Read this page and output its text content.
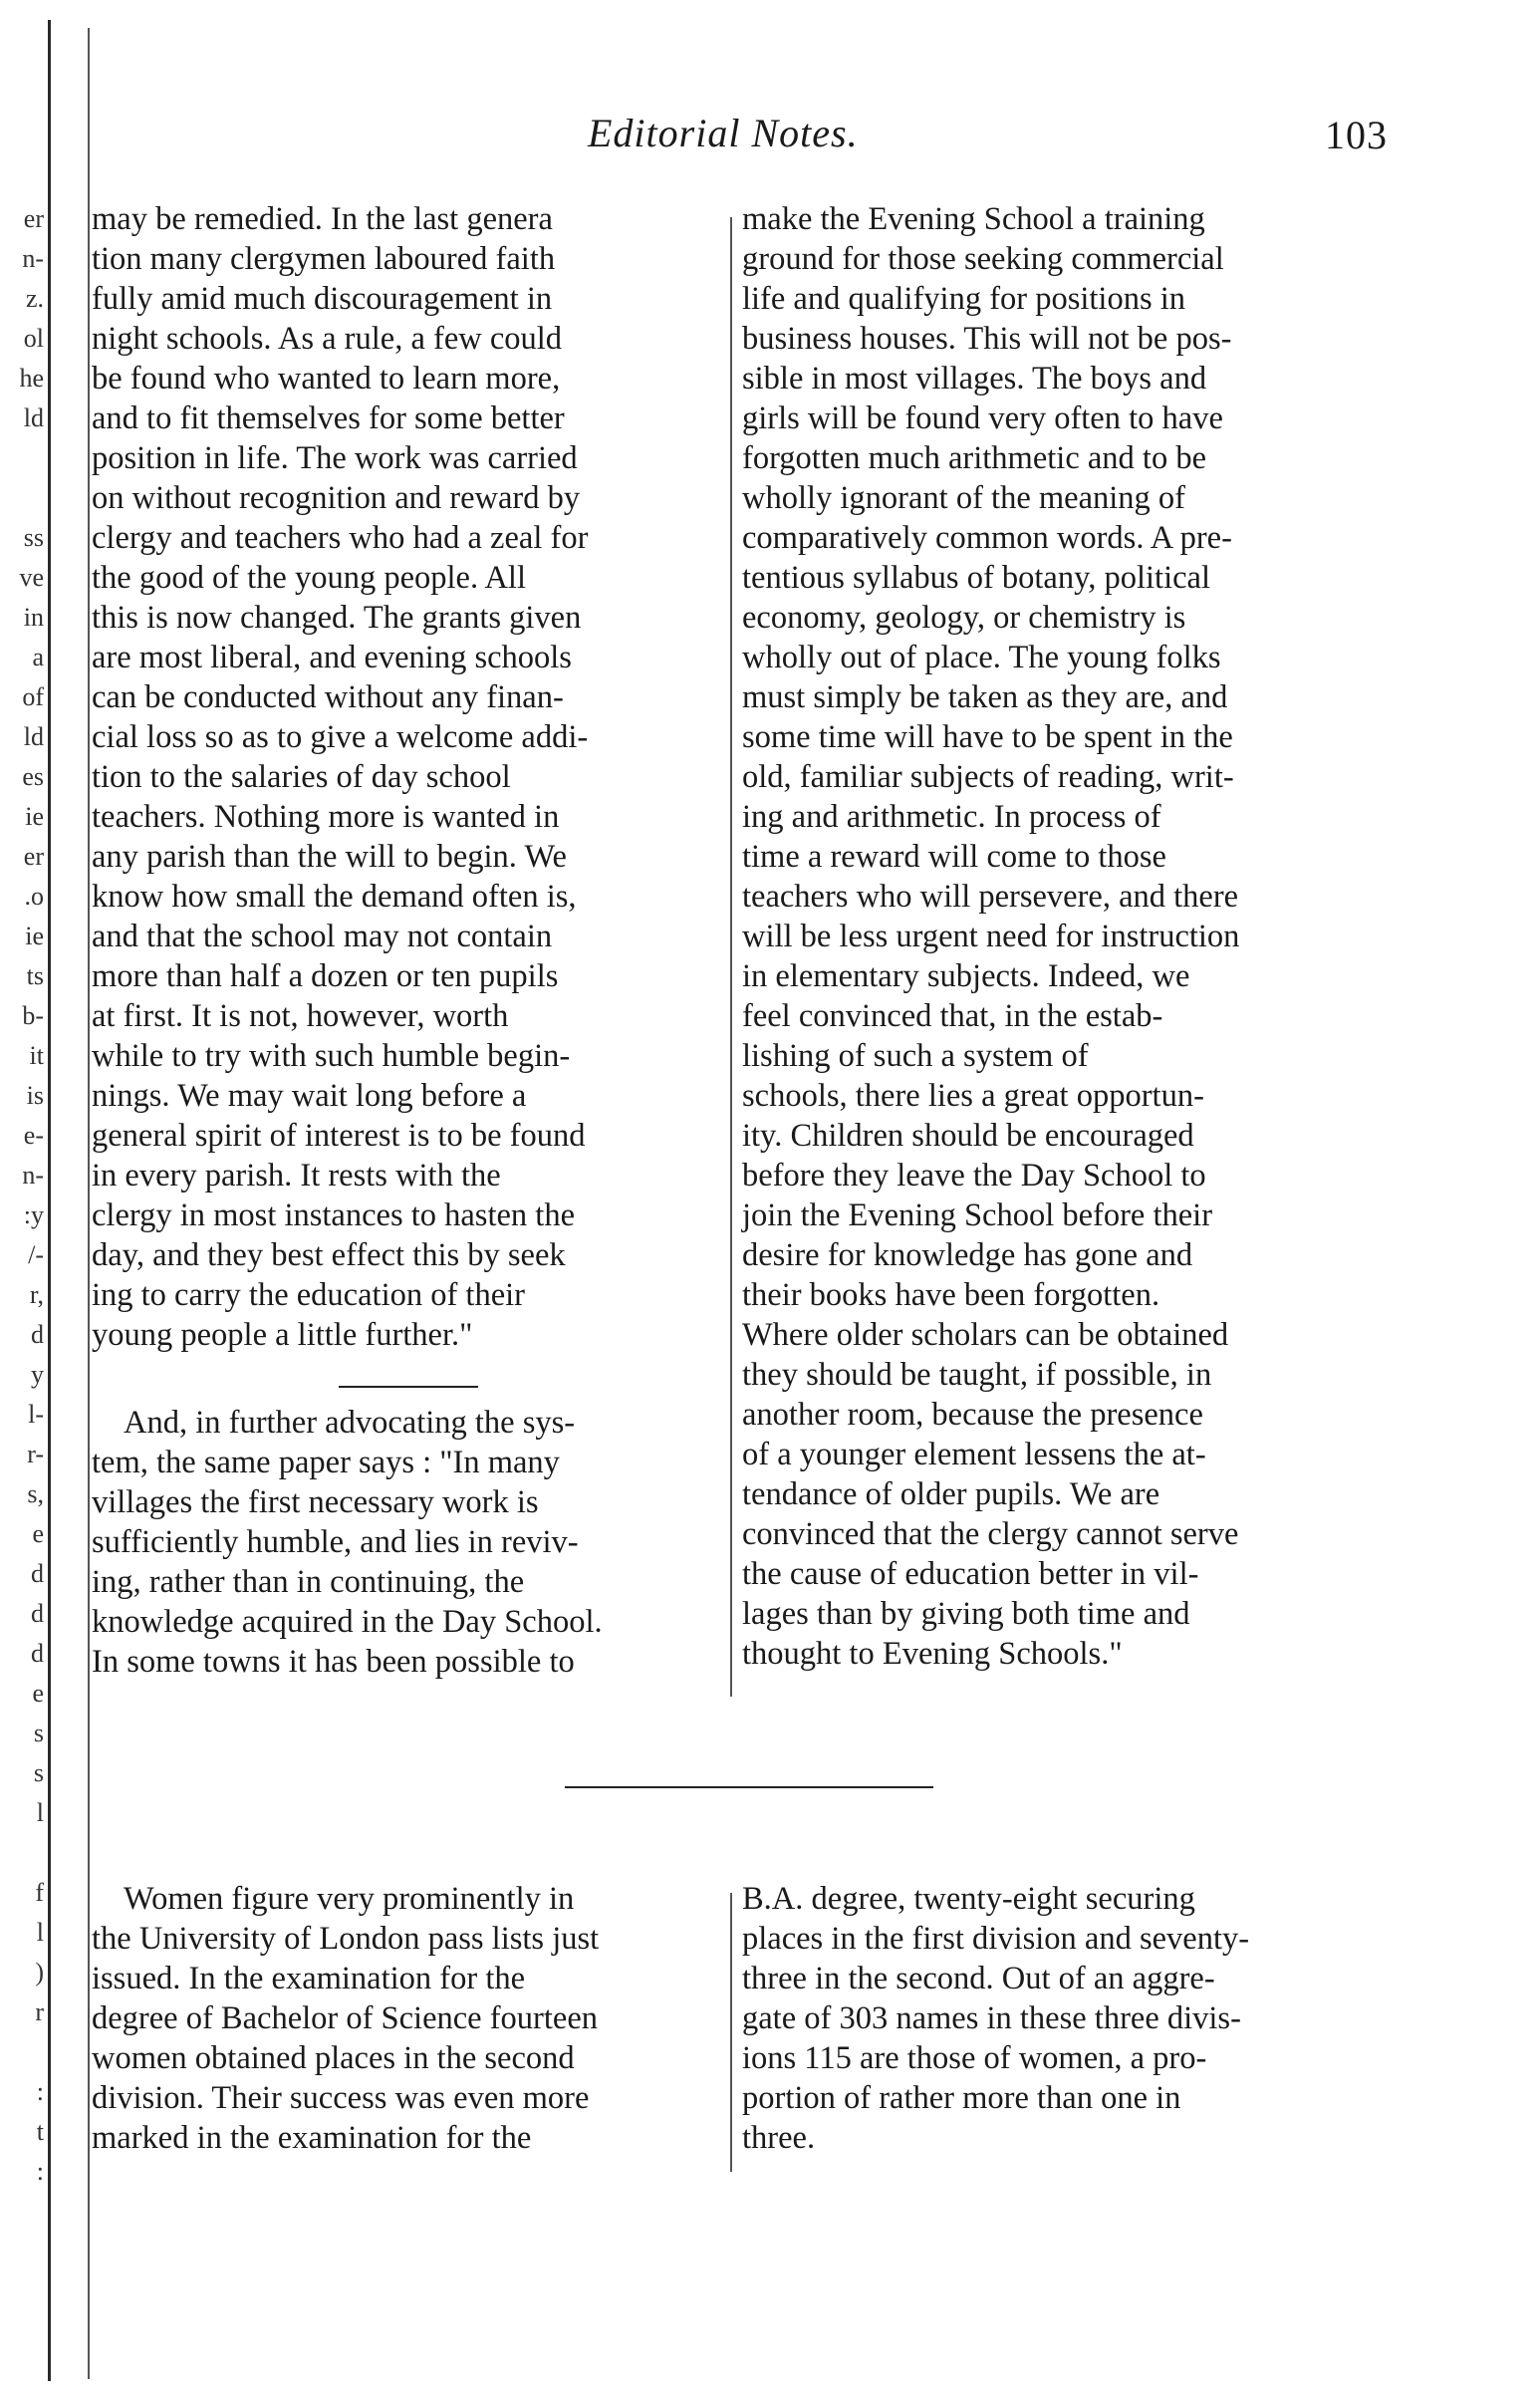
er
n-
z.
ol
he
ld
ss
ve
in
a
of
ld
es
ie
er
.o
ie
ts
b-
it
is
e-
n-
:y
/-
r,
d
y
l-
r-
s,
e
d
d
d
e
s
s
l
f
l
)
r
:
t
:
Editorial Notes.	103
may be remedied. In the last genera
tion many clergymen laboured faith
fully amid much discouragement in
night schools. As a rule, a few could
be found who wanted to learn more,
and to fit themselves for some better
position in life. The work was carried
on without recognition and reward by
clergy and teachers who had a zeal for
the good of the young people. All
this is now changed. The grants given
are most liberal, and evening schools
can be conducted without any finan-
cial loss so as to give a welcome addi-
tion to the salaries of day school
teachers. Nothing more is wanted in
any parish than the will to begin. We
know how small the demand often is,
and that the school may not contain
more than half a dozen or ten pupils
at first. It is not, however, worth
while to try with such humble begin-
nings. We may wait long before a
general spirit of interest is to be found
in every parish. It rests with the
clergy in most instances to hasten the
day, and they best effect this by seek
ing to carry the education of their
young people a little further."
And, in further advocating the sys-
tem, the same paper says : "In many
villages the first necessary work is
sufficiently humble, and lies in reviv-
ing, rather than in continuing, the
knowledge acquired in the Day School.
In some towns it has been possible to
make the Evening School a training
ground for those seeking commercial
life and qualifying for positions in
business houses. This will not be pos-
sible in most villages. The boys and
girls will be found very often to have
forgotten much arithmetic and to be
wholly ignorant of the meaning of
comparatively common words. A pre-
tentious syllabus of botany, political
economy, geology, or chemistry is
wholly out of place. The young folks
must simply be taken as they are, and
some time will have to be spent in the
old, familiar subjects of reading, writ-
ing and arithmetic. In process of
time a reward will come to those
teachers who will persevere, and there
will be less urgent need for instruction
in elementary subjects. Indeed, we
feel convinced that, in the estab-
lishing of such a system of
schools, there lies a great opportun-
ity. Children should be encouraged
before they leave the Day School to
join the Evening School before their
desire for knowledge has gone and
their books have been forgotten.
Where older scholars can be obtained
they should be taught, if possible, in
another room, because the presence
of a younger element lessens the at-
tendance of older pupils. We are
convinced that the clergy cannot serve
the cause of education better in vil-
lages than by giving both time and
thought to Evening Schools."
Women figure very prominently in
the University of London pass lists just
issued. In the examination for the
degree of Bachelor of Science fourteen
women obtained places in the second
division. Their success was even more
marked in the examination for the
B.A. degree, twenty-eight securing
places in the first division and seventy-
three in the second. Out of an aggre-
gate of 303 names in these three divis-
ions 115 are those of women, a pro-
portion of rather more than one in
three.
